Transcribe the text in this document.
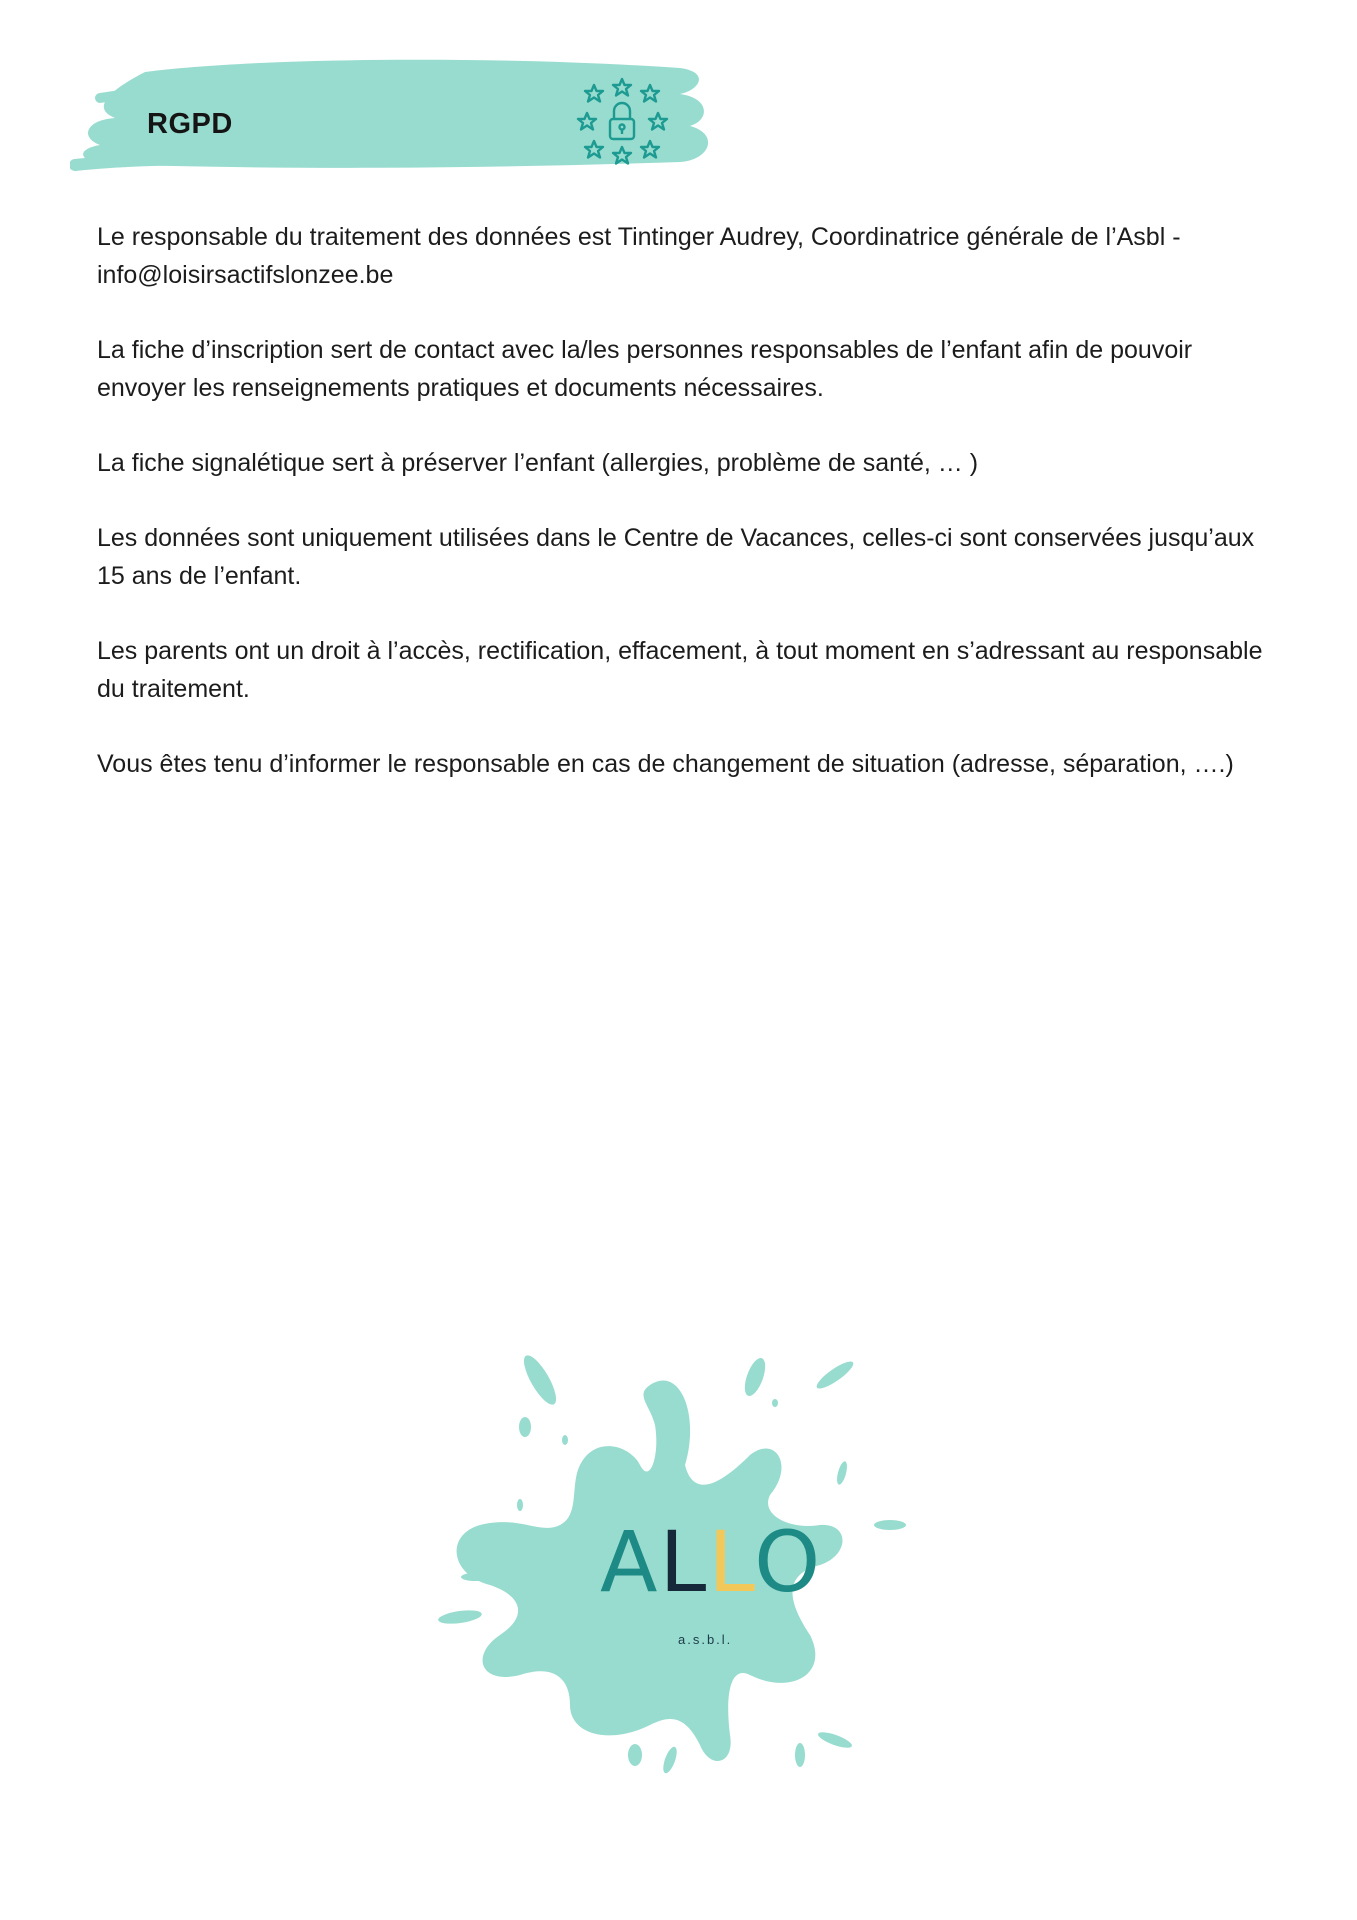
RGPD

Le responsable du traitement des données est Tintinger Audrey, Coordinatrice générale de l’Asbl - info@loisirsactifslonzee.be

La fiche d’inscription sert de contact avec la/les personnes responsables de l’enfant afin de pouvoir envoyer les renseignements pratiques et documents nécessaires.

La fiche signalétique sert à préserver l’enfant (allergies, problème de santé, … )

Les données sont uniquement utilisées dans le Centre de Vacances, celles-ci sont conservées jusqu’aux 15 ans de l’enfant.

Les parents ont un droit à l’accès, rectification, effacement, à tout moment en s’adressant au responsable du traitement.

Vous êtes tenu d’informer le responsable en cas de changement de situation (adresse, séparation, ….)

ALLO
a.s.b.l.
